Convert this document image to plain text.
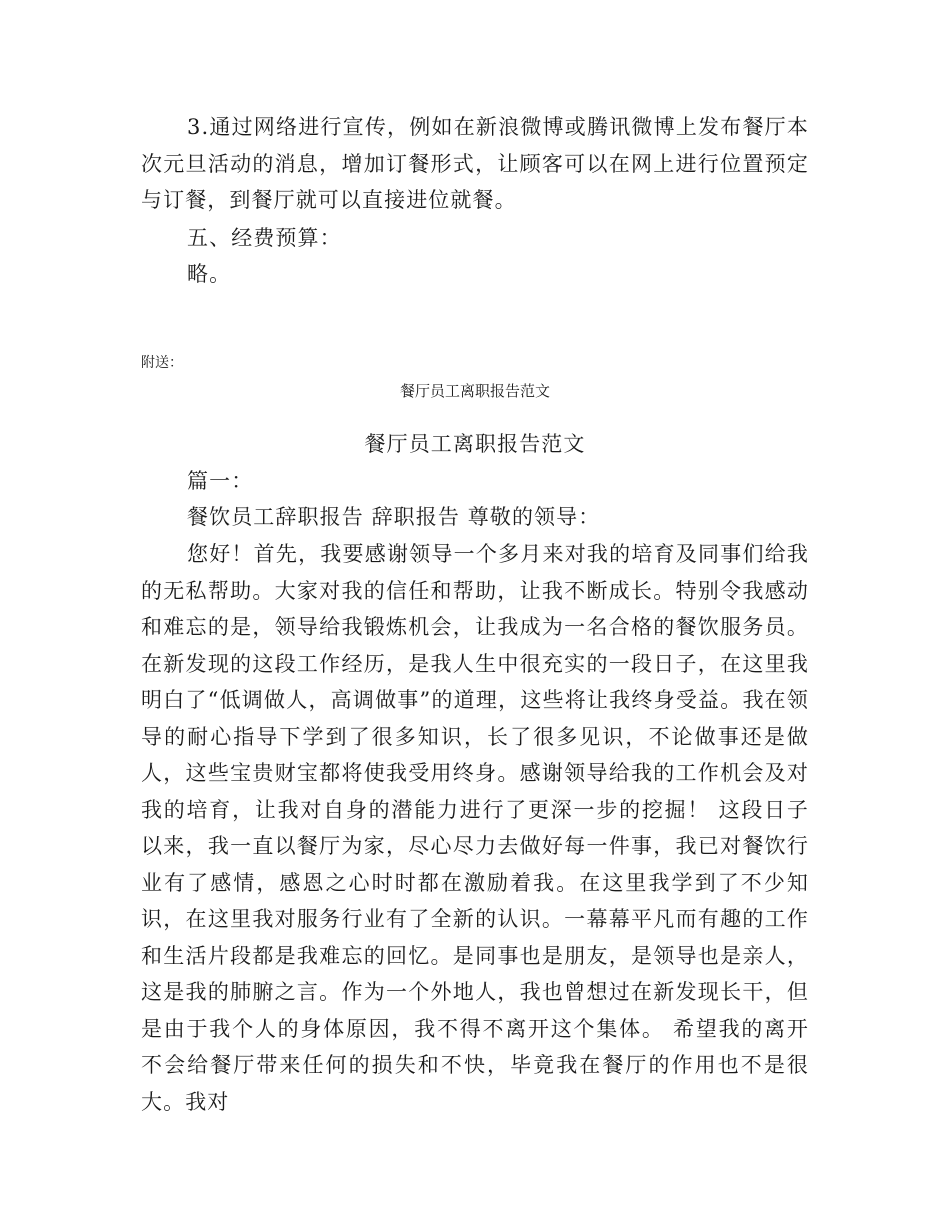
3.通过网络进行宣传，例如在新浪微博或腾讯微博上发布餐厅本次元旦活动的消息，增加订餐形式，让顾客可以在网上进行位置预定与订餐，到餐厅就可以直接进位就餐。

五、经费预算：

略。

附送：

餐厅员工离职报告范文

餐厅员工离职报告范文

篇一：

餐饮员工辞职报告 辞职报告 尊敬的领导：

您好！首先，我要感谢领导一个多月来对我的培育及同事们给我的无私帮助。大家对我的信任和帮助，让我不断成长。特别令我感动和难忘的是，领导给我锻炼机会，让我成为一名合格的餐饮服务员。在新发现的这段工作经历，是我人生中很充实的一段日子，在这里我明白了“低调做人，高调做事”的道理，这些将让我终身受益。我在领导的耐心指导下学到了很多知识，长了很多见识，不论做事还是做人，这些宝贵财宝都将使我受用终身。感谢领导给我的工作机会及对我的培育，让我对自身的潜能力进行了更深一步的挖掘！ 这段日子以来，我一直以餐厅为家，尽心尽力去做好每一件事，我已对餐饮行业有了感情，感恩之心时时都在激励着我。在这里我学到了不少知识，在这里我对服务行业有了全新的认识。一幕幕平凡而有趣的工作和生活片段都是我难忘的回忆。是同事也是朋友，是领导也是亲人，这是我的肺腑之言。作为一个外地人，我也曾想过在新发现长干，但是由于我个人的身体原因，我不得不离开这个集体。 希望我的离开不会给餐厅带来任何的损失和不快，毕竟我在餐厅的作用也不是很大。我对
